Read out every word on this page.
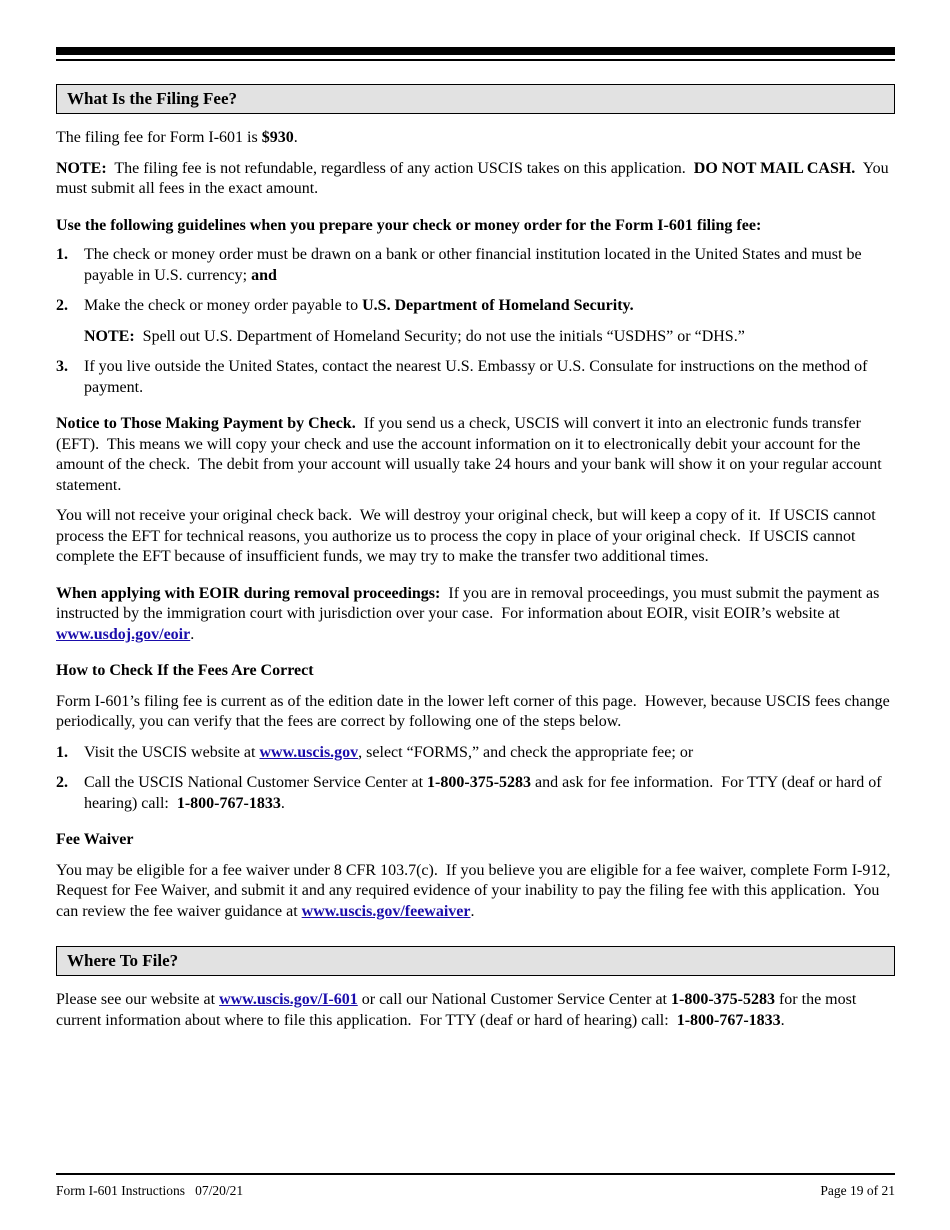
What Is the Filing Fee?

The filing fee for Form I-601 is $930.

NOTE:  The filing fee is not refundable, regardless of any action USCIS takes on this application.  DO NOT MAIL CASH.  You must submit all fees in the exact amount.

Use the following guidelines when you prepare your check or money order for the Form I-601 filing fee:

1.	The check or money order must be drawn on a bank or other financial institution located in the United States and must be payable in U.S. currency; and
2.	Make the check or money order payable to U.S. Department of Homeland Security.
NOTE:  Spell out U.S. Department of Homeland Security; do not use the initials “USDHS” or “DHS.”
3.	If you live outside the United States, contact the nearest U.S. Embassy or U.S. Consulate for instructions on the method of payment.

Notice to Those Making Payment by Check.  If you send us a check, USCIS will convert it into an electronic funds transfer (EFT).  This means we will copy your check and use the account information on it to electronically debit your account for the amount of the check.  The debit from your account will usually take 24 hours and your bank will show it on your regular account statement.

You will not receive your original check back.  We will destroy your original check, but will keep a copy of it.  If USCIS cannot process the EFT for technical reasons, you authorize us to process the copy in place of your original check.  If USCIS cannot complete the EFT because of insufficient funds, we may try to make the transfer two additional times.

When applying with EOIR during removal proceedings:  If you are in removal proceedings, you must submit the payment as instructed by the immigration court with jurisdiction over your case.  For information about EOIR, visit EOIR’s website at www.usdoj.gov/eoir.

How to Check If the Fees Are Correct

Form I-601’s filing fee is current as of the edition date in the lower left corner of this page.  However, because USCIS fees change periodically, you can verify that the fees are correct by following one of the steps below.

1.	Visit the USCIS website at www.uscis.gov, select “FORMS,” and check the appropriate fee; or
2.	Call the USCIS National Customer Service Center at 1-800-375-5283 and ask for fee information.  For TTY (deaf or hard of hearing) call:  1-800-767-1833.

Fee Waiver

You may be eligible for a fee waiver under 8 CFR 103.7(c).  If you believe you are eligible for a fee waiver, complete Form I-912, Request for Fee Waiver, and submit it and any required evidence of your inability to pay the filing fee with this application.  You can review the fee waiver guidance at www.uscis.gov/feewaiver.

Where To File?

Please see our website at www.uscis.gov/I-601 or call our National Customer Service Center at 1-800-375-5283 for the most current information about where to file this application.  For TTY (deaf or hard of hearing) call:  1-800-767-1833.

Form I-601 Instructions   07/20/21	Page 19 of 21
